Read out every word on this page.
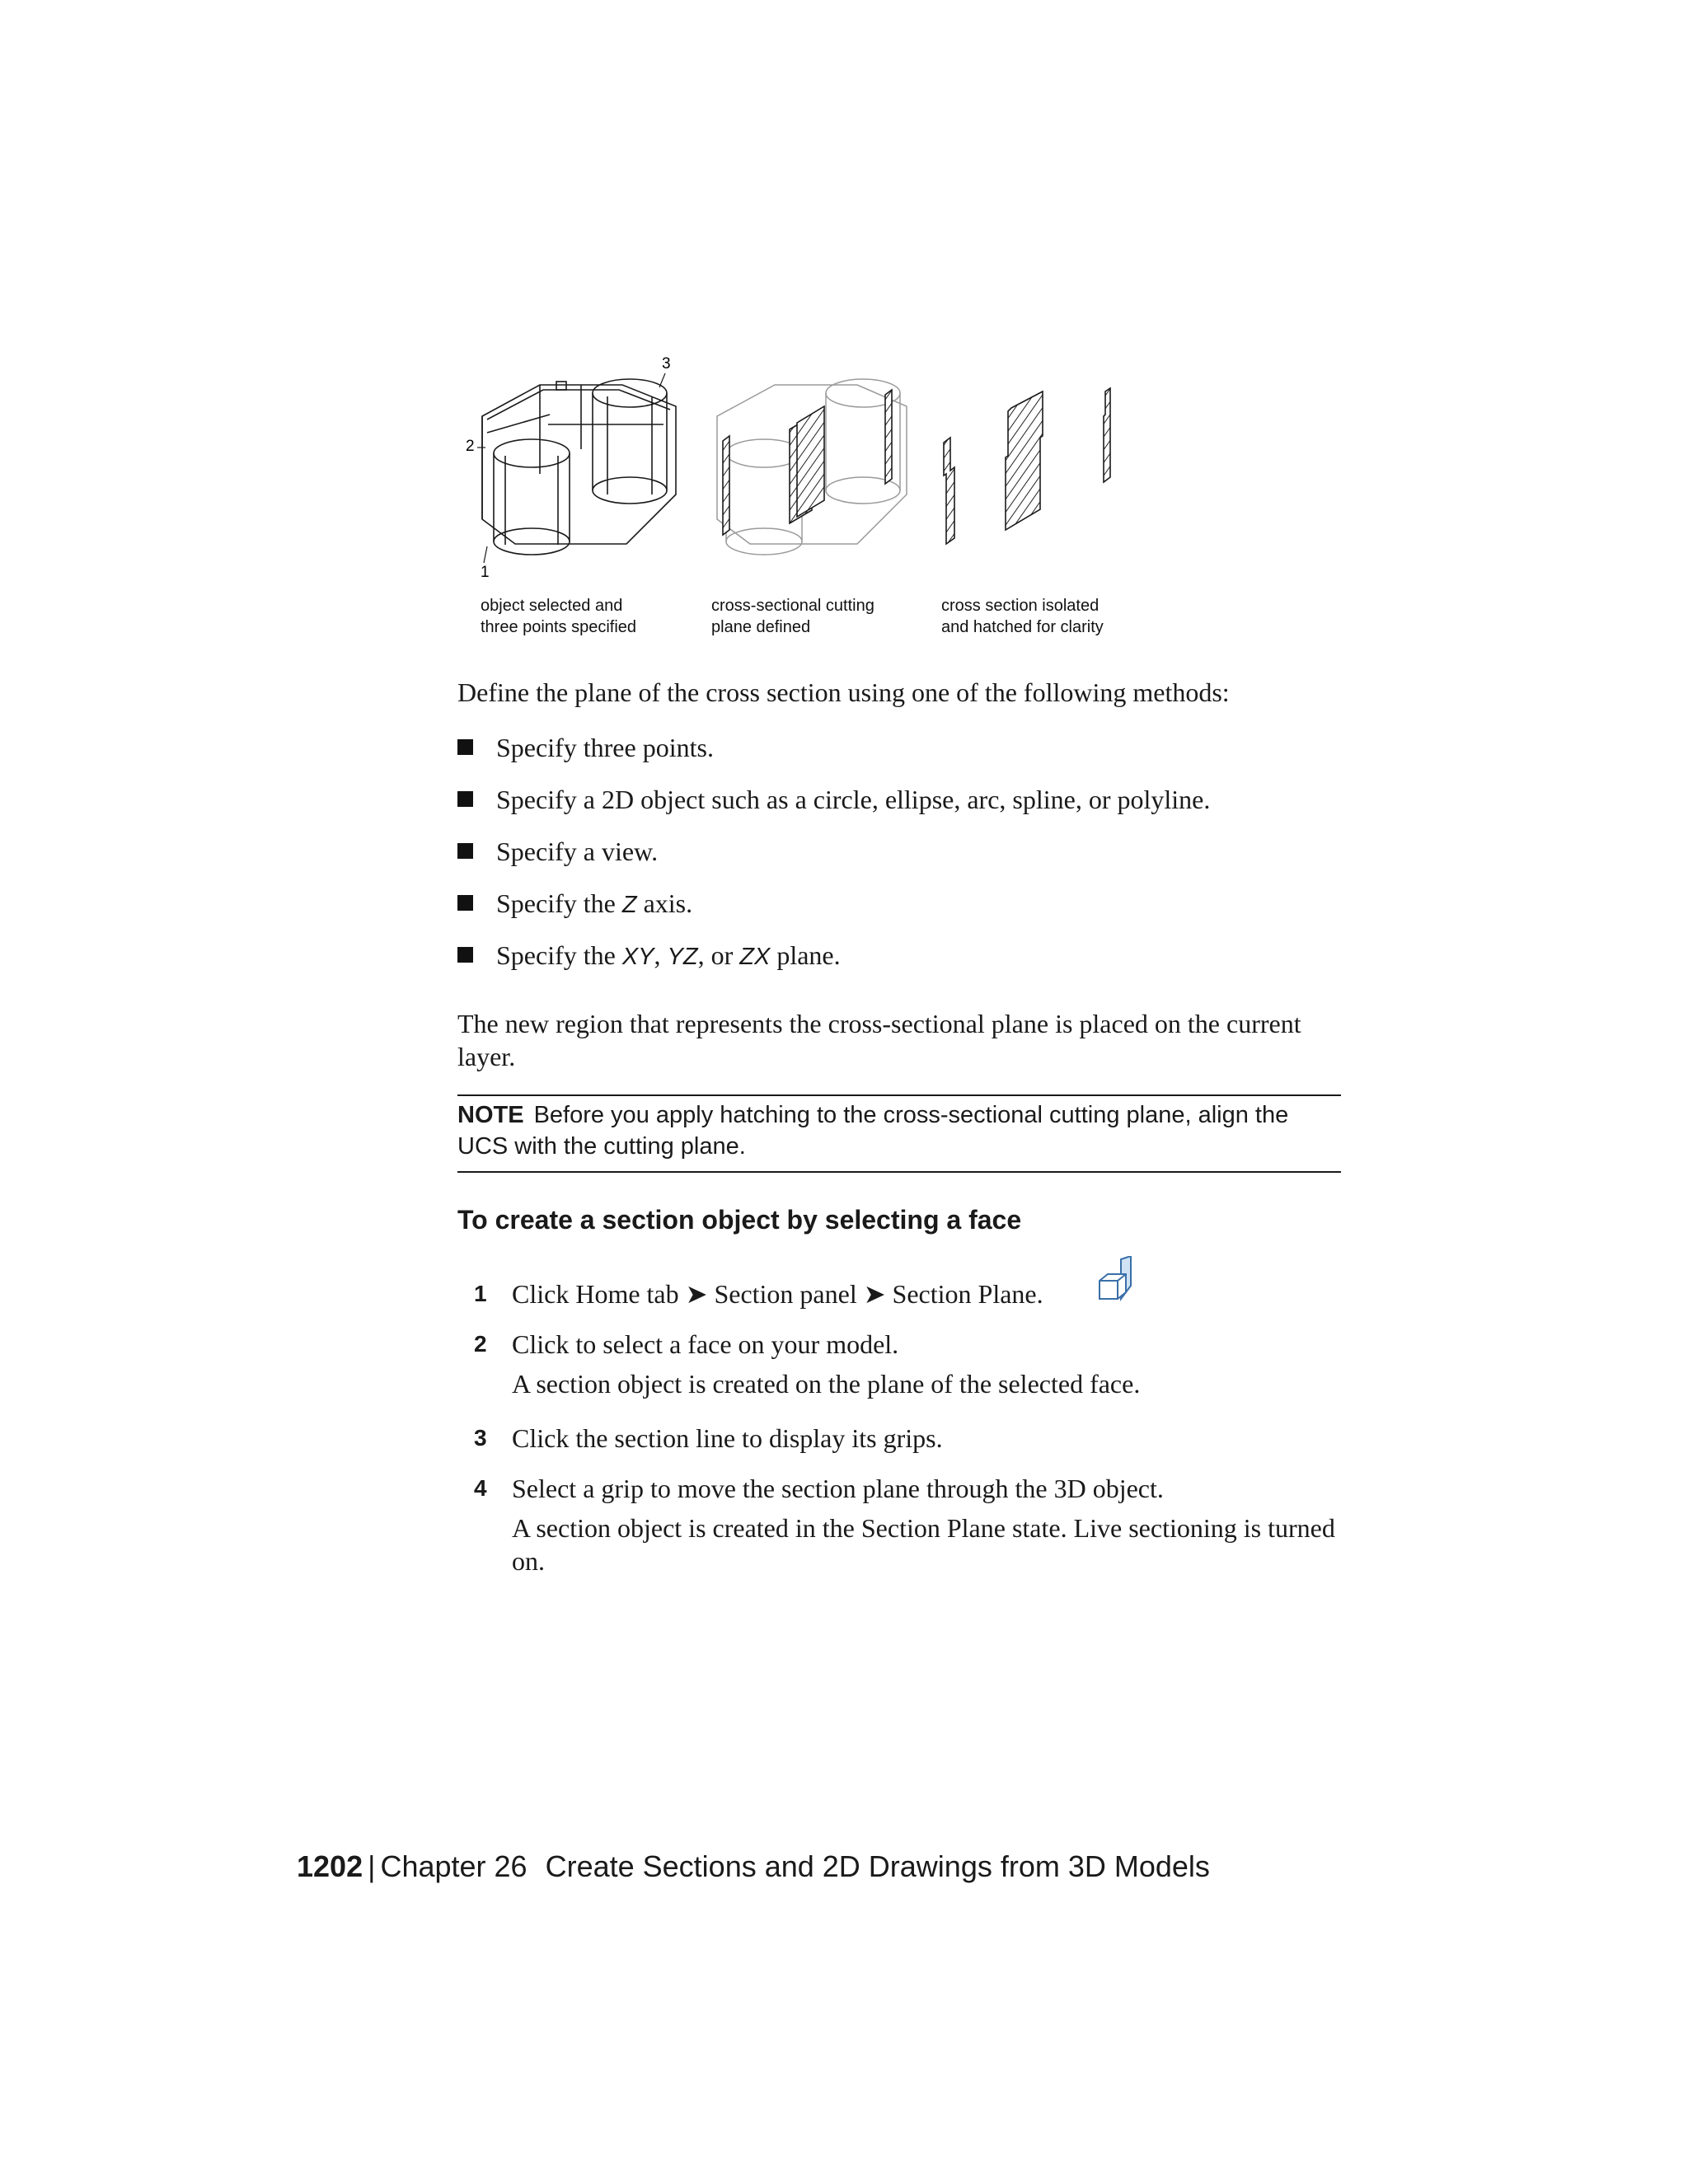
3
2
1
object selected and
three points specified
cross-sectional cutting
plane defined
cross section isolated
and hatched for clarity
Define the plane of the cross section using one of the following methods:
Specify three points.
Specify a 2D object such as a circle, ellipse, arc, spline, or polyline.
Specify a view.
Specify the Z axis.
Specify the XY, YZ, or ZX plane.
The new region that represents the cross-sectional plane is placed on the current layer.
NOTE Before you apply hatching to the cross-sectional cutting plane, align the UCS with the cutting plane.
To create a section object by selecting a face
1 Click Home tab ➤ Section panel ➤ Section Plane.
2 Click to select a face on your model.
A section object is created on the plane of the selected face.
3 Click the section line to display its grips.
4 Select a grip to move the section plane through the 3D object.
A section object is created in the Section Plane state. Live sectioning is turned on.
1202 | Chapter 26 Create Sections and 2D Drawings from 3D Models
